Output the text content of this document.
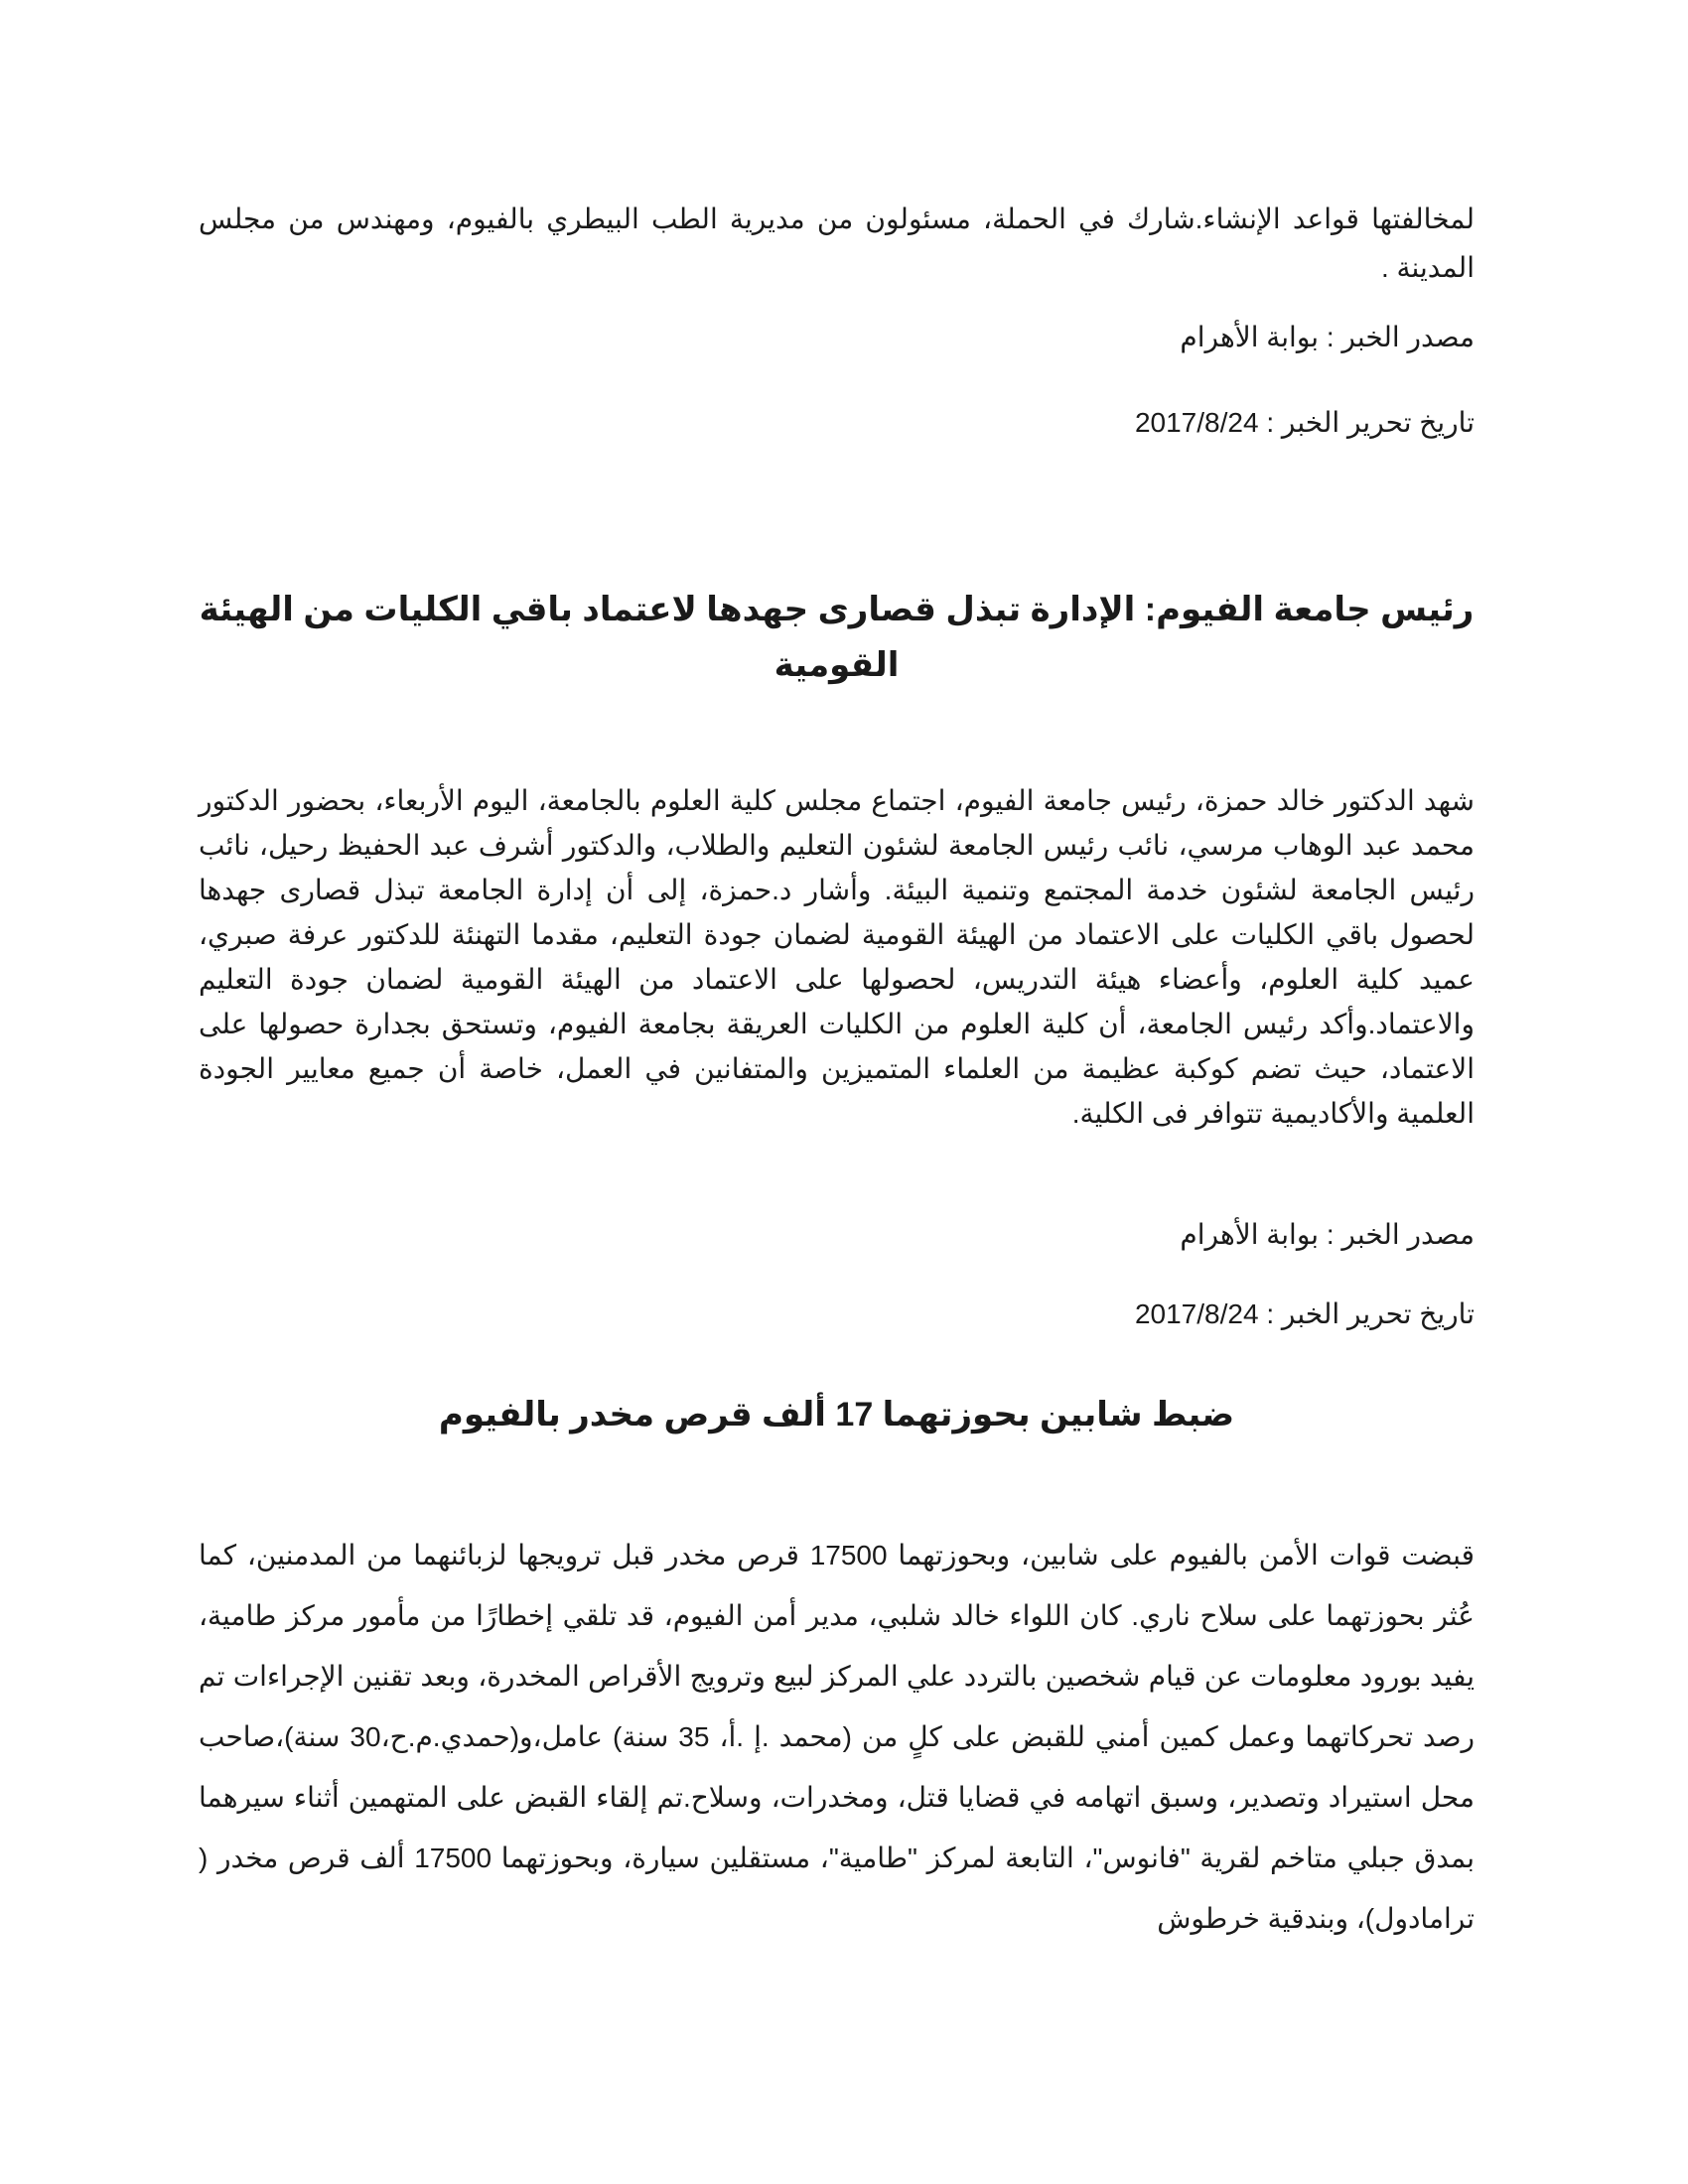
لمخالفتها قواعد الإنشاء.شارك في الحملة، مسئولون من مديرية الطب البيطري بالفيوم، ومهندس من مجلس المدينة .

مصدر الخبر : بوابة الأهرام

تاريخ تحرير الخبر : 2017/8/24

رئيس جامعة الفيوم: الإدارة تبذل قصارى جهدها لاعتماد باقي الكليات من الهيئة القومية

شهد الدكتور خالد حمزة، رئيس جامعة الفيوم، اجتماع مجلس كلية العلوم بالجامعة، اليوم الأربعاء، بحضور الدكتور محمد عبد الوهاب مرسي، نائب رئيس الجامعة لشئون التعليم والطلاب، والدكتور أشرف عبد الحفيظ رحيل، نائب رئيس الجامعة لشئون خدمة المجتمع وتنمية البيئة. وأشار د.حمزة، إلى أن إدارة الجامعة تبذل قصارى جهدها لحصول باقي الكليات على الاعتماد من الهيئة القومية لضمان جودة التعليم، مقدما التهنئة للدكتور عرفة صبري، عميد كلية العلوم، وأعضاء هيئة التدريس، لحصولها على الاعتماد من الهيئة القومية لضمان جودة التعليم والاعتماد.وأكد رئيس الجامعة، أن كلية العلوم من الكليات العريقة بجامعة الفيوم، وتستحق بجدارة حصولها على الاعتماد، حيث تضم كوكبة عظيمة من العلماء المتميزين والمتفانين في العمل، خاصة أن جميع معايير الجودة العلمية والأكاديمية تتوافر فى الكلية.

مصدر الخبر : بوابة الأهرام

تاريخ تحرير الخبر : 2017/8/24

ضبط شابين بحوزتهما 17 ألف قرص مخدر بالفيوم

قبضت قوات الأمن بالفيوم على شابين، وبحوزتهما 17500 قرص مخدر قبل ترويجها لزبائنهما من المدمنين، كما عُثر بحوزتهما على سلاح ناري. كان اللواء خالد شلبي، مدير أمن الفيوم، قد تلقي إخطارًا من مأمور مركز طامية، يفيد بورود معلومات عن قيام شخصين بالتردد علي المركز لبيع وترويج الأقراص المخدرة، وبعد تقنين الإجراءات تم رصد تحركاتهما وعمل كمين أمني للقبض على كلٍ من (محمد .إ .أ، 35 سنة) عامل،و(حمدي.م.ح،30 سنة)،صاحب محل استيراد وتصدير، وسبق اتهامه في قضايا قتل، ومخدرات، وسلاح.تم إلقاء القبض على المتهمين أثناء سيرهما بمدق جبلي متاخم لقرية "فانوس"، التابعة لمركز "طامية"، مستقلين سيارة، وبحوزتهما 17500 ألف قرص مخدر ( ترامادول)، وبندقية خرطوش
